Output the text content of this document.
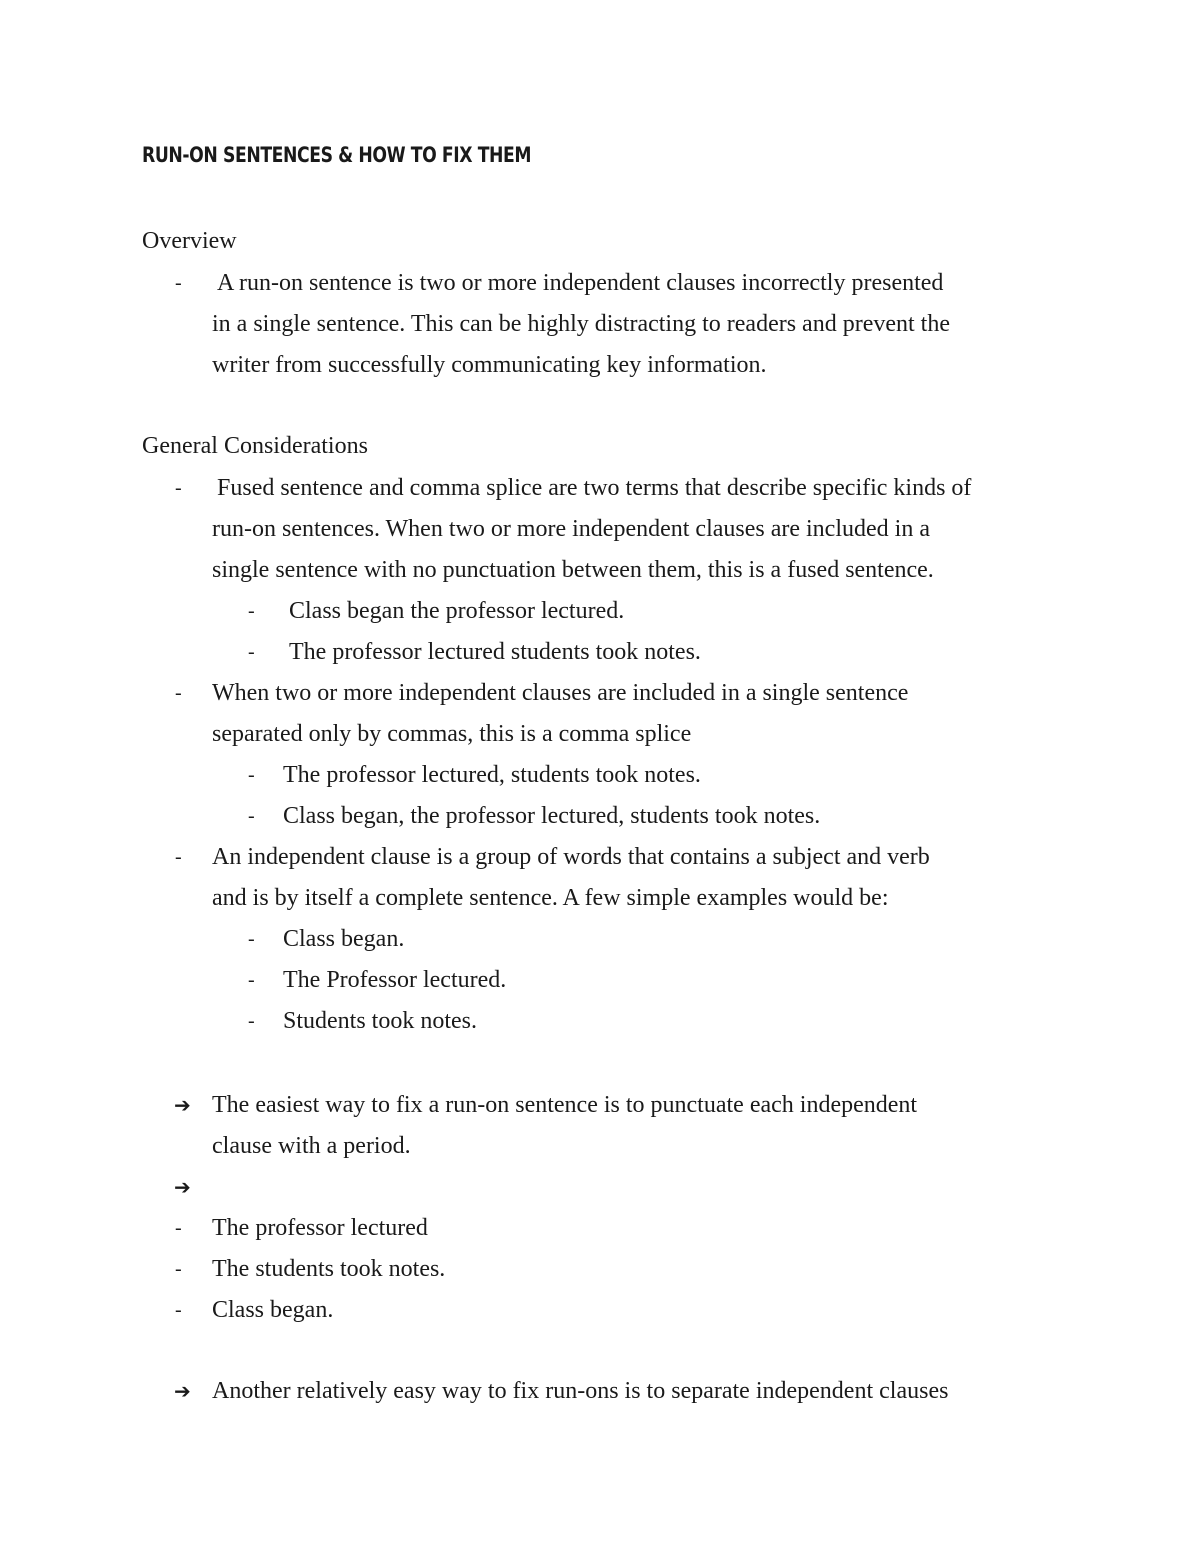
RUN-ON SENTENCES & HOW TO FIX THEM
Overview
- A run-on sentence is two or more independent clauses incorrectly presented
in a single sentence. This can be highly distracting to readers and prevent the
writer from successfully communicating key information.
General Considerations
- Fused sentence and comma splice are two terms that describe specific kinds of
run-on sentences. When two or more independent clauses are included in a
single sentence with no punctuation between them, this is a fused sentence.
- Class began the professor lectured.
- The professor lectured students took notes.
- When two or more independent clauses are included in a single sentence
separated only by commas, this is a comma splice
- The professor lectured, students took notes.
- Class began, the professor lectured, students took notes.
- An independent clause is a group of words that contains a subject and verb
and is by itself a complete sentence. A few simple examples would be:
- Class began.
- The Professor lectured.
- Students took notes.
➔ The easiest way to fix a run-on sentence is to punctuate each independent
clause with a period.
➔
- The professor lectured
- The students took notes.
- Class began.
➔ Another relatively easy way to fix run-ons is to separate independent clauses
